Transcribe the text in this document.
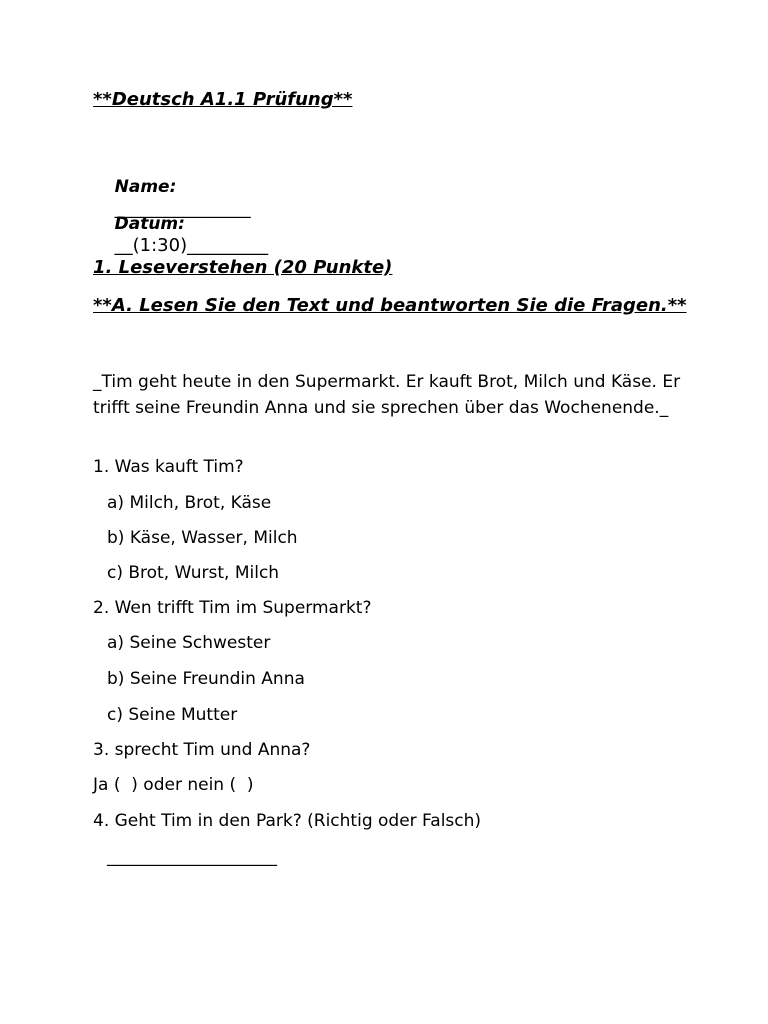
**Deutsch A1.1 Prüfung**

Name:
________________

Datum:
__(1:30)_________

1. Leseverstehen (20 Punkte)
**A. Lesen Sie den Text und beantworten Sie die Fragen.**
_Tim geht heute in den Supermarkt. Er kauft Brot, Milch und Käse. Er trifft seine Freundin Anna und sie sprechen über das Wochenende._
1. Was kauft Tim?
a) Milch, Brot, Käse
b) Käse, Wasser, Milch
c) Brot, Wurst, Milch
2. Wen trifft Tim im Supermarkt?
a) Seine Schwester
b) Seine Freundin Anna
c) Seine Mutter
3. sprecht Tim und Anna?
Ja (  ) oder nein (  )
4. Geht Tim in den Park? (Richtig oder Falsch)
____________________
